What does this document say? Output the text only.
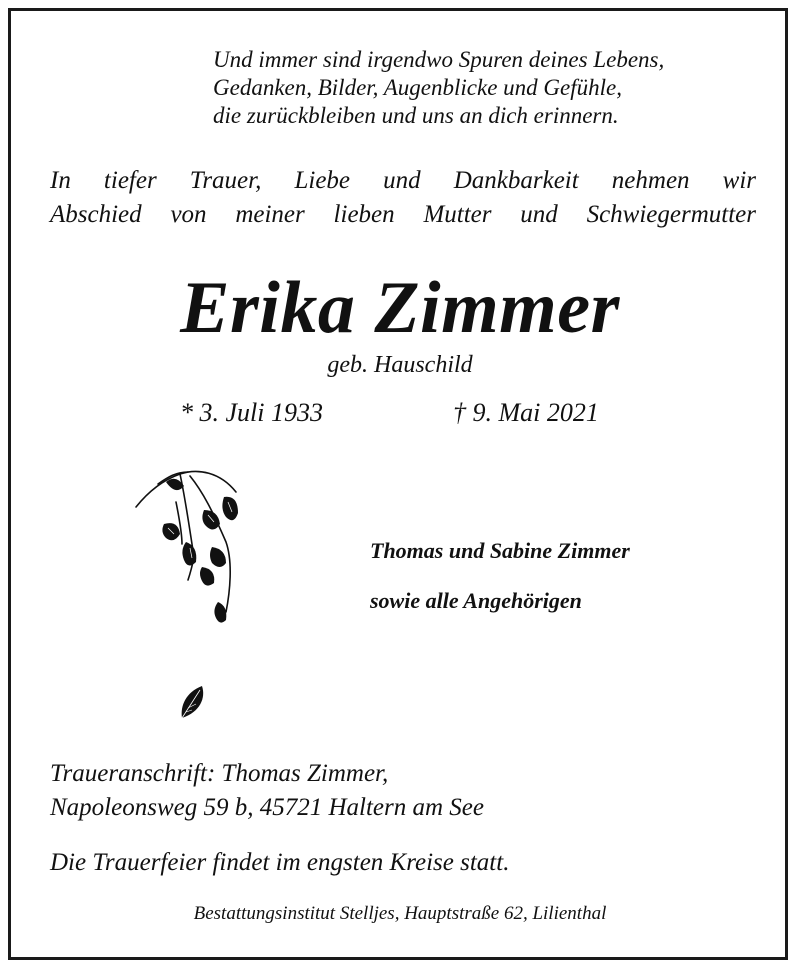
Und immer sind irgendwo Spuren deines Lebens,
Gedanken, Bilder, Augenblicke und Gefühle,
die zurückbleiben und uns an dich erinnern.
In tiefer Trauer, Liebe und Dankbarkeit nehmen wir
Abschied von meiner lieben Mutter und Schwiegermutter
Erika Zimmer
geb. Hauschild
* 3. Juli 1933	† 9. Mai 2021
Thomas und Sabine Zimmer
sowie alle Angehörigen
Traueranschrift: Thomas Zimmer,
Napoleonsweg 59 b, 45721 Haltern am See
Die Trauerfeier findet im engsten Kreise statt.
Bestattungsinstitut Stelljes, Hauptstraße 62, Lilienthal
